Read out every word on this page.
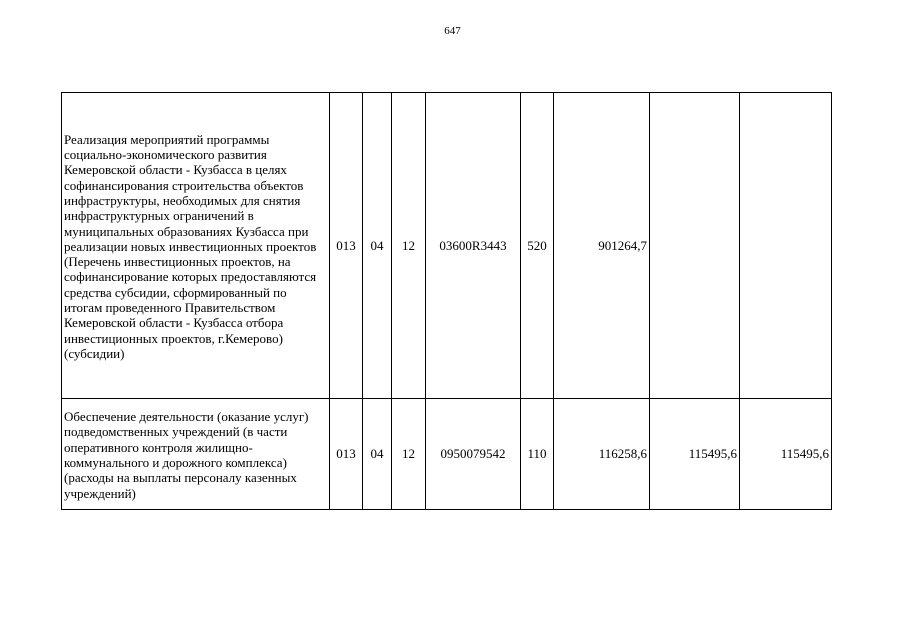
647
Реализация мероприятий программы социально-экономического развития Кемеровской области - Кузбасса в целях софинансирования строительства объектов инфраструктуры, необходимых для снятия инфраструктурных ограничений в муниципальных образованиях Кузбасса при реализации новых инвестиционных проектов (Перечень инвестиционных проектов, на софинансирование которых предоставляются средства субсидии, сформированный по итогам проведенного Правительством Кемеровской области - Кузбасса отбора инвестиционных проектов, г.Кемерово) (субсидии)	013	04	12	03600R3443	520	901264,7		

Обеспечение деятельности (оказание услуг) подведомственных учреждений (в части оперативного контроля жилищно-коммунального и дорожного комплекса) (расходы на выплаты персоналу казенных учреждений)	013	04	12	0950079542	110	116258,6	115495,6	115495,6
